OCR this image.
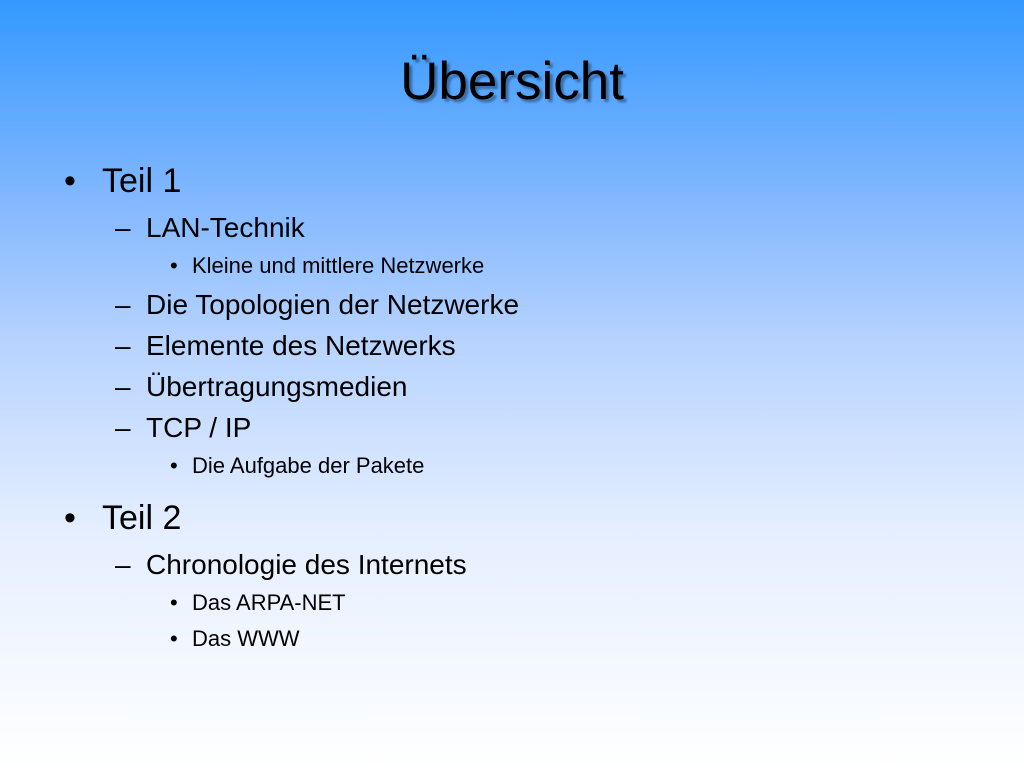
Übersicht
• Teil 1
– LAN-Technik
• Kleine und mittlere Netzwerke
– Die Topologien der Netzwerke
– Elemente des Netzwerks
– Übertragungsmedien
– TCP / IP
• Die Aufgabe der Pakete
• Teil 2
– Chronologie des Internets
• Das ARPA-NET
• Das WWW
